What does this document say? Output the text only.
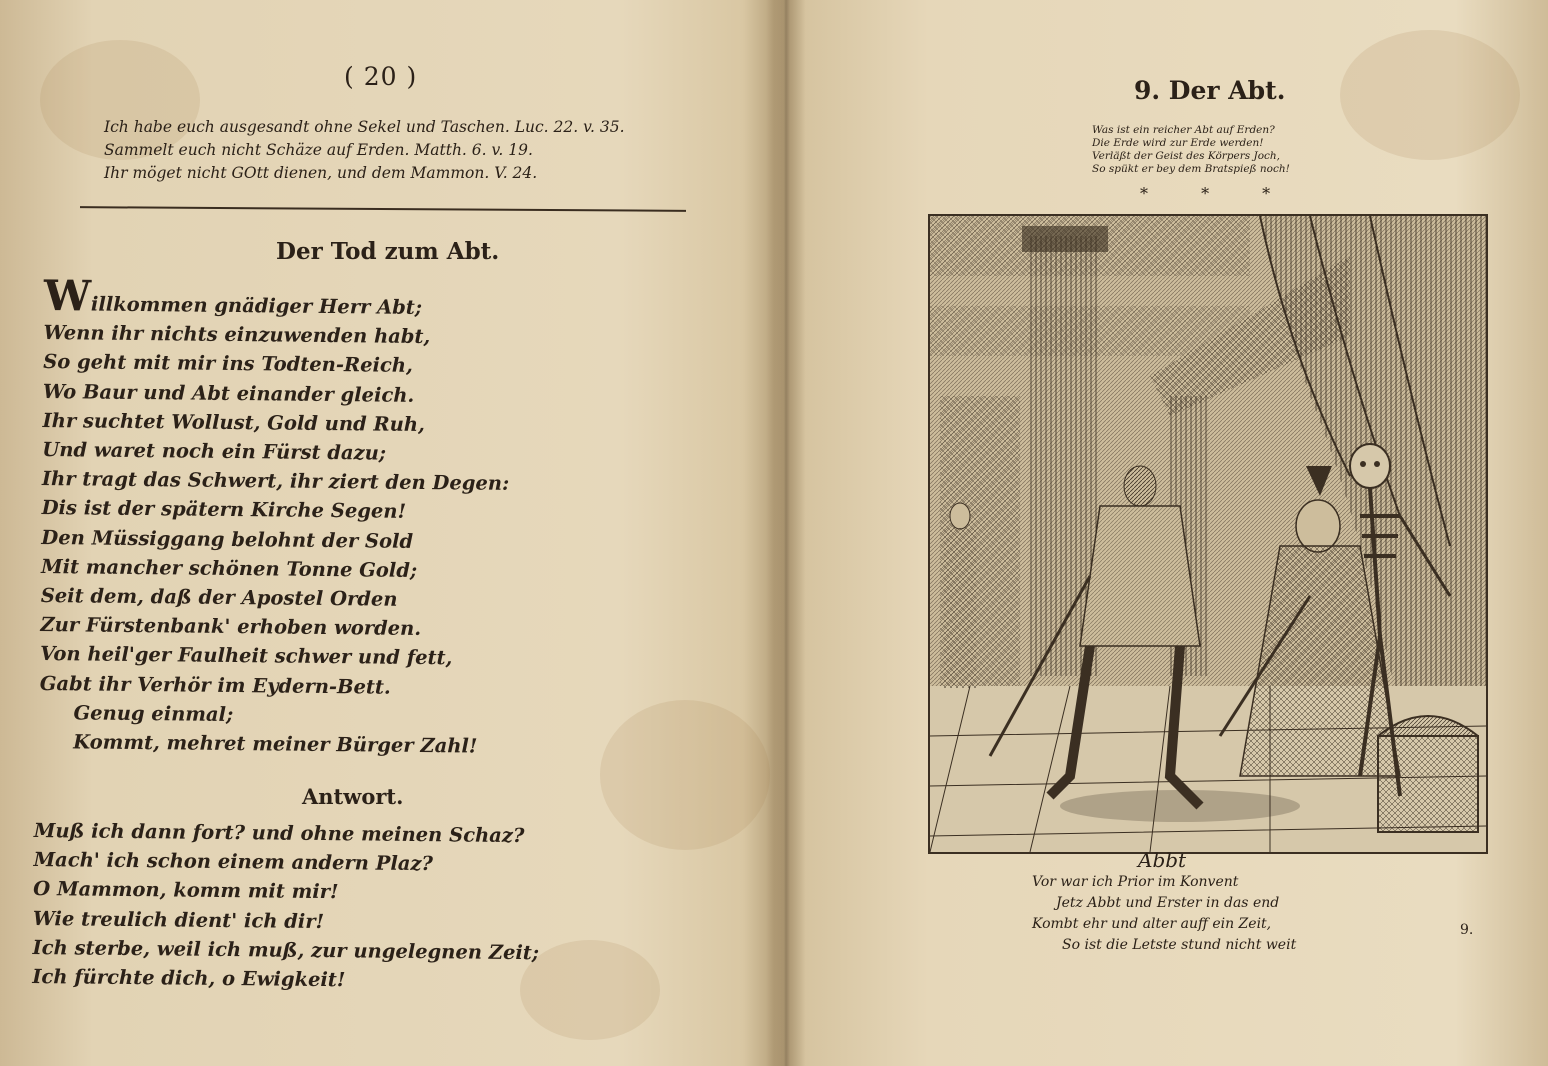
( 20 )
Ich habe euch ausgesandt ohne Sekel und Taschen. Luc. 22. v. 35.
Sammelt euch nicht Schäze auf Erden. Matth. 6. v. 19.
Ihr möget nicht GOtt dienen, und dem Mammon. V. 24.
Der Tod zum Abt.
Willkommen gnädiger Herr Abt;
Wenn ihr nichts einzuwenden habt,
So geht mit mir ins Todten-Reich,
Wo Baur und Abt einander gleich.
Ihr suchtet Wollust, Gold und Ruh,
Und waret noch ein Fürst dazu;
Ihr tragt das Schwert, ihr ziert den Degen:
Dis ist der spätern Kirche Segen!
Den Müssiggang belohnt der Sold
Mit mancher schönen Tonne Gold;
Seit dem, daß der Apostel Orden
Zur Fürstenbank' erhoben worden.
Von heil'ger Faulheit schwer und fett,
Gabt ihr Verhör im Eydern-Bett.
Genug einmal;
Kommt, mehret meiner Bürger Zahl!
Antwort.
Muß ich dann fort? und ohne meinen Schaz?
Mach' ich schon einem andern Plaz?
O Mammon, komm mit mir!
Wie treulich dient' ich dir!
Ich sterbe, weil ich muß, zur ungelegnen Zeit;
Ich fürchte dich, o Ewigkeit!
9. Der Abt.
Was ist ein reicher Abt auf Erden?
Die Erde wird zur Erde werden!
Verläßt der Geist des Körpers Joch,
So spükt er bey dem Bratspieß noch!
* * *
Abbt
Vor war ich Prior im Konvent
Jetz Abbt und Erster in das end
Kombt ehr und alter auff ein Zeit,
So ist die Letste stund nicht weit
9.
